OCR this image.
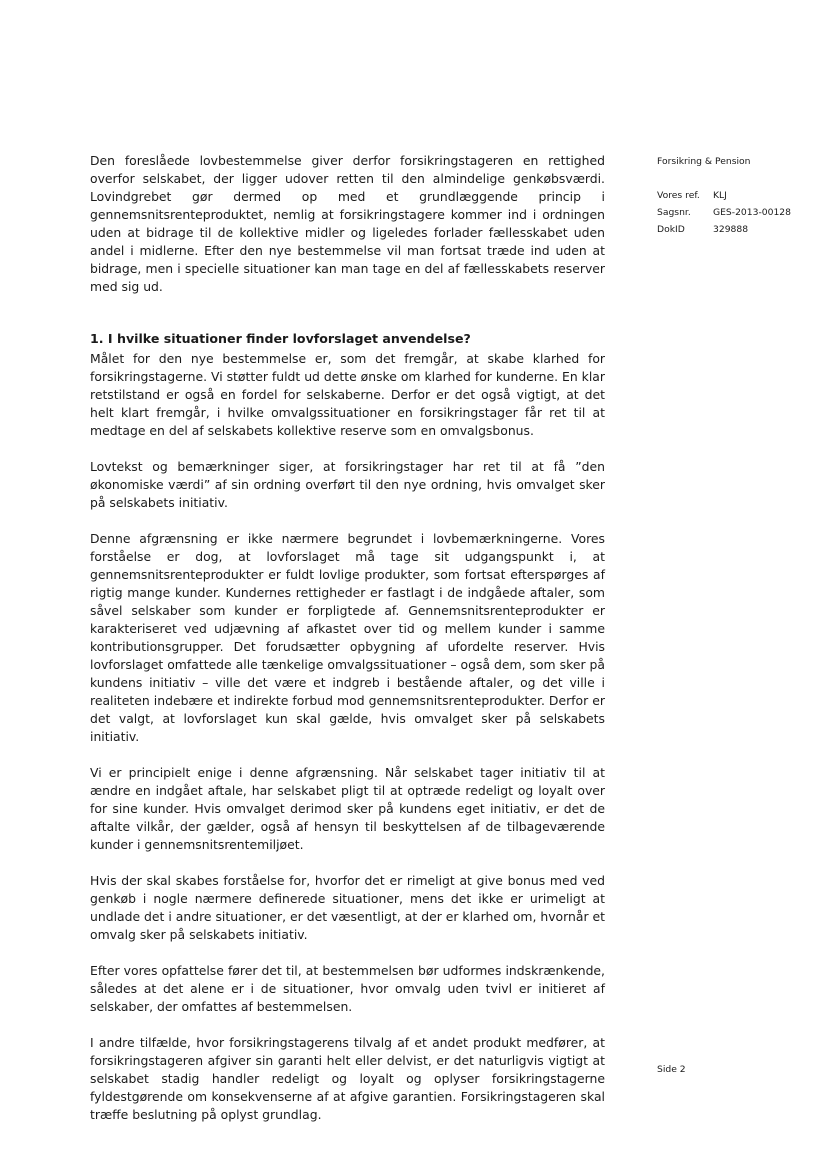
Den foreslåede lovbestemmelse giver derfor forsikringstageren en rettighed overfor selskabet, der ligger udover retten til den almindelige genkøbsværdi. Lovindgrebet gør dermed op med et grundlæggende princip i gennemsnitsrenteproduktet, nemlig at forsikringstagere kommer ind i ordningen uden at bidrage til de kollektive midler og ligeledes forlader fællesskabet uden andel i midlerne. Efter den nye bestemmelse vil man fortsat træde ind uden at bidrage, men i specielle situationer kan man tage en del af fællesskabets reserver med sig ud.

1. I hvilke situationer finder lovforslaget anvendelse?

Målet for den nye bestemmelse er, som det fremgår, at skabe klarhed for forsikringstagerne. Vi støtter fuldt ud dette ønske om klarhed for kunderne. En klar retstilstand er også en fordel for selskaberne. Derfor er det også vigtigt, at det helt klart fremgår, i hvilke omvalgssituationer en forsikringstager får ret til at medtage en del af selskabets kollektive reserve som en omvalgsbonus.

Lovtekst og bemærkninger siger, at forsikringstager har ret til at få ”den økonomiske værdi” af sin ordning overført til den nye ordning, hvis omvalget sker på selskabets initiativ.

Denne afgrænsning er ikke nærmere begrundet i lovbemærkningerne. Vores forståelse er dog, at lovforslaget må tage sit udgangspunkt i, at gennemsnitsrenteprodukter er fuldt lovlige produkter, som fortsat efterspørges af rigtig mange kunder. Kundernes rettigheder er fastlagt i de indgåede aftaler, som såvel selskaber som kunder er forpligtede af. Gennemsnitsrenteprodukter er karakteriseret ved udjævning af afkastet over tid og mellem kunder i samme kontributionsgrupper. Det forudsætter opbygning af ufordelte reserver. Hvis lovforslaget omfattede alle tænkelige omvalgssituationer – også dem, som sker på kundens initiativ – ville det være et indgreb i bestående aftaler, og det ville i realiteten indebære et indirekte forbud mod gennemsnitsrenteprodukter. Derfor er det valgt, at lovforslaget kun skal gælde, hvis omvalget sker på selskabets initiativ.

Vi er principielt enige i denne afgrænsning. Når selskabet tager initiativ til at ændre en indgået aftale, har selskabet pligt til at optræde redeligt og loyalt over for sine kunder. Hvis omvalget derimod sker på kundens eget initiativ, er det de aftalte vilkår, der gælder, også af hensyn til beskyttelsen af de tilbageværende kunder i gennemsnitsrentemiljøet.

Hvis der skal skabes forståelse for, hvorfor det er rimeligt at give bonus med ved genkøb i nogle nærmere definerede situationer, mens det ikke er urimeligt at undlade det i andre situationer, er det væsentligt, at der er klarhed om, hvornår et omvalg sker på selskabets initiativ.

Efter vores opfattelse fører det til, at bestemmelsen bør udformes indskrænkende, således at det alene er i de situationer, hvor omvalg uden tvivl er initieret af selskaber, der omfattes af bestemmelsen.

I andre tilfælde, hvor forsikringstagerens tilvalg af et andet produkt medfører, at forsikringstageren afgiver sin garanti helt eller delvist, er det naturligvis vigtigt at selskabet stadig handler redeligt og loyalt og oplyser forsikringstagerne fyldestgørende om konsekvenserne af at afgive garantien. Forsikringstageren skal træffe beslutning på oplyst grundlag.

Forsikring & Pension
Vores ref.	KLJ
Sagsnr.	GES-2013-00128
DokID	329888
Side 2
